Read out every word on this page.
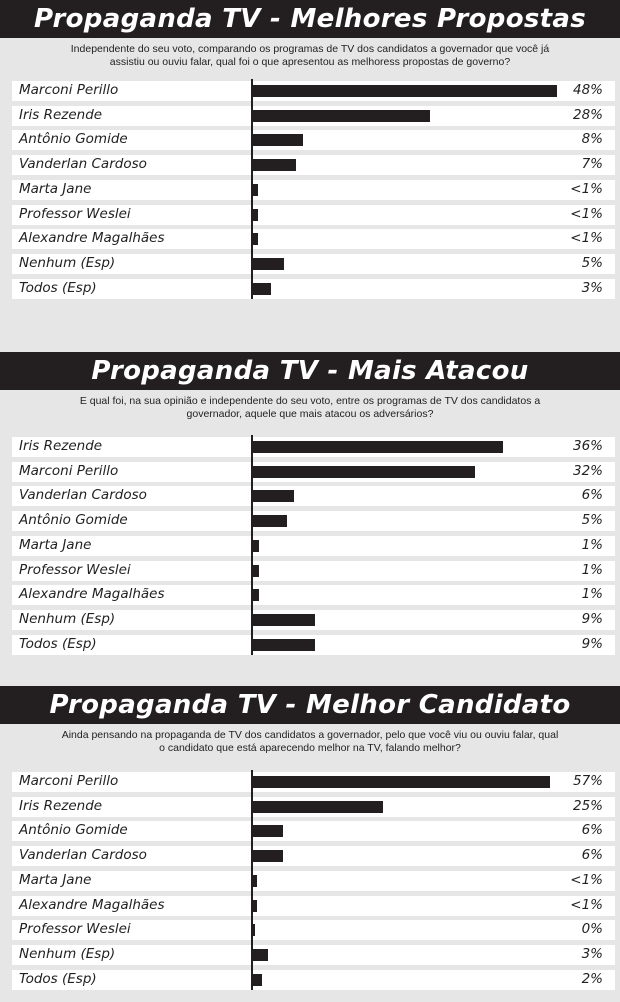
Propaganda TV - Melhores Propostas
Independente do seu voto, comparando os programas de TV dos candidatos a governador que você já assistiu ou ouviu falar, qual foi o que apresentou as melhoress propostas de governo?
Marconi Perillo	48%
Iris Rezende	28%
Antônio Gomide	8%
Vanderlan Cardoso	7%
Marta Jane	<1%
Professor Weslei	<1%
Alexandre Magalhães	<1%
Nenhum (Esp)	5%
Todos (Esp)	3%
Propaganda TV - Mais Atacou
E qual foi, na sua opinião e independente do seu voto, entre os programas de TV dos candidatos a governador, aquele que mais atacou os adversários?
Iris Rezende	36%
Marconi Perillo	32%
Vanderlan Cardoso	6%
Antônio Gomide	5%
Marta Jane	1%
Professor Weslei	1%
Alexandre Magalhães	1%
Nenhum (Esp)	9%
Todos (Esp)	9%
Propaganda TV - Melhor Candidato
Ainda pensando na propaganda de TV dos candidatos a governador, pelo que você viu ou ouviu falar, qual o candidato que está aparecendo melhor na TV, falando melhor?
Marconi Perillo	57%
Iris Rezende	25%
Antônio Gomide	6%
Vanderlan Cardoso	6%
Marta Jane	<1%
Alexandre Magalhães	<1%
Professor Weslei	0%
Nenhum (Esp)	3%
Todos (Esp)	2%
